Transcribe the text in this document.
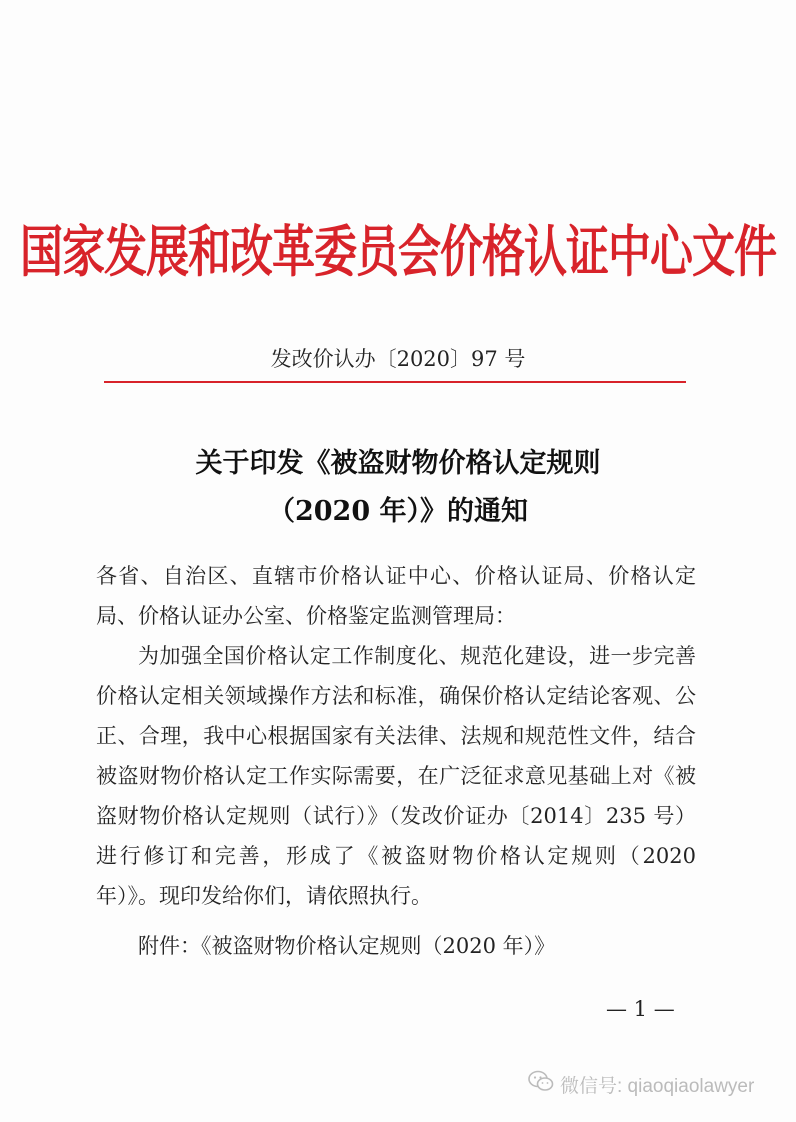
国家发展和改革委员会价格认证中心文件
发改价认办〔2020〕97 号
关于印发《被盗财物价格认定规则
（2020 年）》的通知

各省、自治区、直辖市价格认证中心、价格认证局、价格认定局、价格认证办公室、价格鉴定监测管理局：

为加强全国价格认定工作制度化、规范化建设，进一步完善价格认定相关领域操作方法和标准，确保价格认定结论客观、公正、合理，我中心根据国家有关法律、法规和规范性文件，结合被盗财物价格认定工作实际需要，在广泛征求意见基础上对《被盗财物价格认定规则（试行）》（发改价证办〔2014〕235 号）进行修订和完善，形成了《被盗财物价格认定规则（2020 年）》。现印发给你们，请依照执行。

附件：《被盗财物价格认定规则（2020 年）》
— 1 —
微信号: qiaoqiaolawyer
